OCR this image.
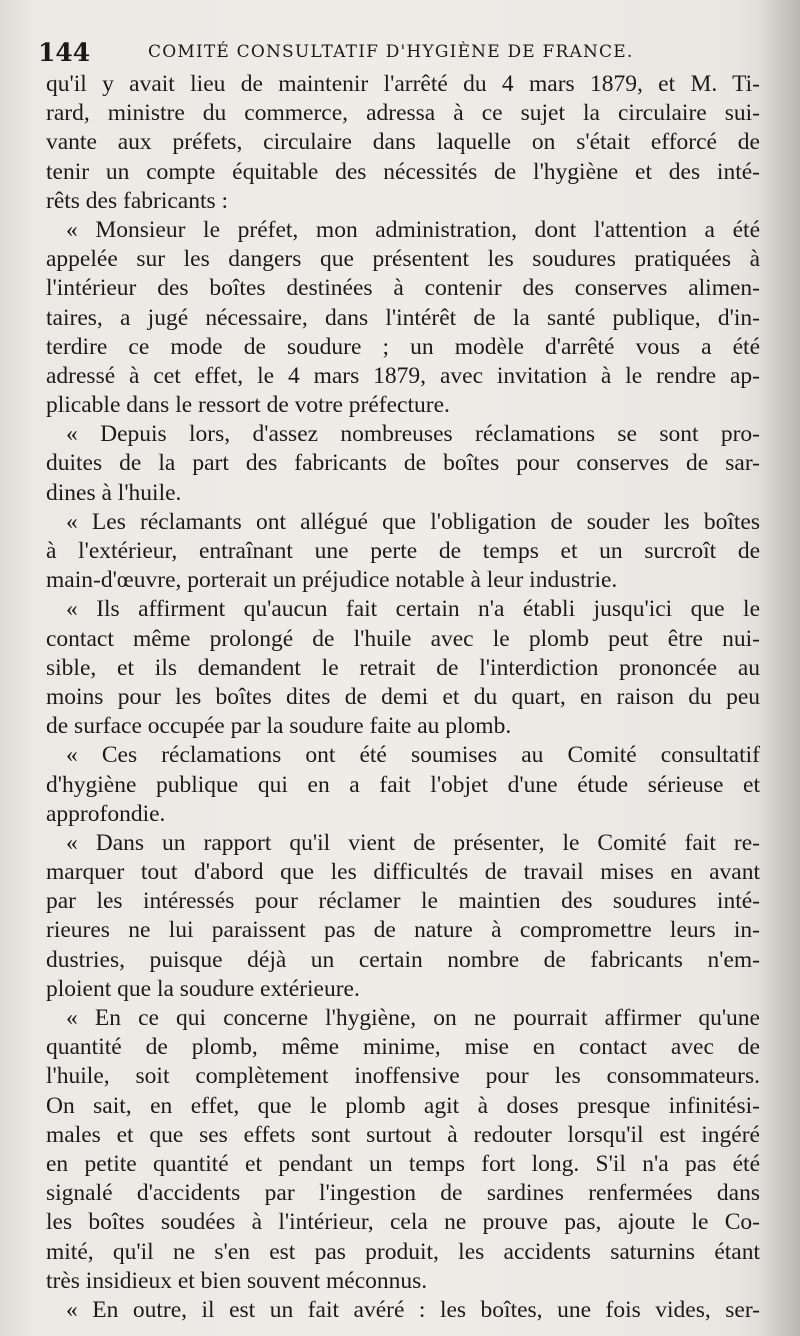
144	COMITÉ CONSULTATIF D'HYGIÈNE DE FRANCE.
qu'il y avait lieu de maintenir l'arrêté du 4 mars 1879, et M. Ti-
rard, ministre du commerce, adressa à ce sujet la circulaire sui-
vante aux préfets, circulaire dans laquelle on s'était efforcé de
tenir un compte équitable des nécessités de l'hygiène et des inté-
rêts des fabricants :
« Monsieur le préfet, mon administration, dont l'attention a été
appelée sur les dangers que présentent les soudures pratiquées à
l'intérieur des boîtes destinées à contenir des conserves alimen-
taires, a jugé nécessaire, dans l'intérêt de la santé publique, d'in-
terdire ce mode de soudure ; un modèle d'arrêté vous a été
adressé à cet effet, le 4 mars 1879, avec invitation à le rendre ap-
plicable dans le ressort de votre préfecture.
« Depuis lors, d'assez nombreuses réclamations se sont pro-
duites de la part des fabricants de boîtes pour conserves de sar-
dines à l'huile.
« Les réclamants ont allégué que l'obligation de souder les boîtes
à l'extérieur, entraînant une perte de temps et un surcroît de
main-d'œuvre, porterait un préjudice notable à leur industrie.
« Ils affirment qu'aucun fait certain n'a établi jusqu'ici que le
contact même prolongé de l'huile avec le plomb peut être nui-
sible, et ils demandent le retrait de l'interdiction prononcée au
moins pour les boîtes dites de demi et du quart, en raison du peu
de surface occupée par la soudure faite au plomb.
« Ces réclamations ont été soumises au Comité consultatif
d'hygiène publique qui en a fait l'objet d'une étude sérieuse et
approfondie.
« Dans un rapport qu'il vient de présenter, le Comité fait re-
marquer tout d'abord que les difficultés de travail mises en avant
par les intéressés pour réclamer le maintien des soudures inté-
rieures ne lui paraissent pas de nature à compromettre leurs in-
dustries, puisque déjà un certain nombre de fabricants n'em-
ploient que la soudure extérieure.
« En ce qui concerne l'hygiène, on ne pourrait affirmer qu'une
quantité de plomb, même minime, mise en contact avec de
l'huile, soit complètement inoffensive pour les consommateurs.
On sait, en effet, que le plomb agit à doses presque infinitési-
males et que ses effets sont surtout à redouter lorsqu'il est ingéré
en petite quantité et pendant un temps fort long. S'il n'a pas été
signalé d'accidents par l'ingestion de sardines renfermées dans
les boîtes soudées à l'intérieur, cela ne prouve pas, ajoute le Co-
mité, qu'il ne s'en est pas produit, les accidents saturnins étant
très insidieux et bien souvent méconnus.
« En outre, il est un fait avéré : les boîtes, une fois vides, ser-
